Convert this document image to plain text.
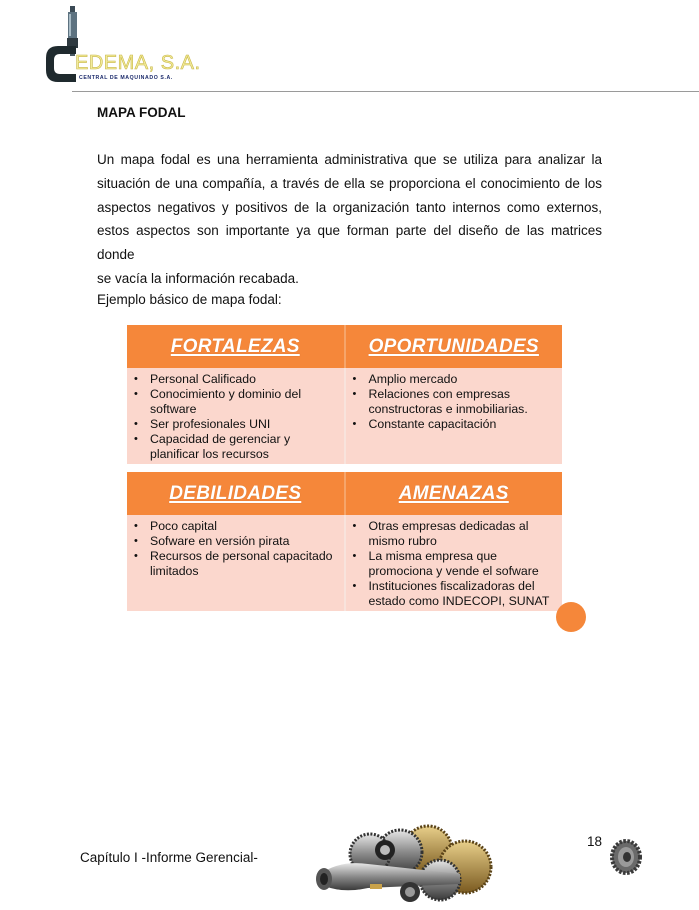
EDEMA, S.A.
CENTRAL DE MAQUINADO S.A.
MAPA FODAL
Un mapa fodal es una herramienta administrativa que se utiliza para analizar la
situación de una compañía, a través de ella se proporciona el conocimiento de los
aspectos negativos y positivos de la organización tanto internos como externos,
estos aspectos son importante ya que forman parte del diseño de las matrices donde
se vacía la información recabada.
Ejemplo básico de mapa fodal:
FORTALEZAS	OPORTUNIDADES
• Personal Calificado
• Conocimiento y dominio del software
• Ser profesionales UNI
• Capacidad de gerenciar y planificar los recursos
• Amplio mercado
• Relaciones con empresas constructoras e inmobiliarias.
• Constante capacitación
DEBILIDADES	AMENAZAS
• Poco capital
• Sofware en versión pirata
• Recursos de personal capacitado limitados
• Otras empresas dedicadas al mismo rubro
• La misma empresa que promociona y vende el sofware
• Instituciones fiscalizadoras del estado como INDECOPI, SUNAT
Capítulo I -Informe Gerencial-
18
